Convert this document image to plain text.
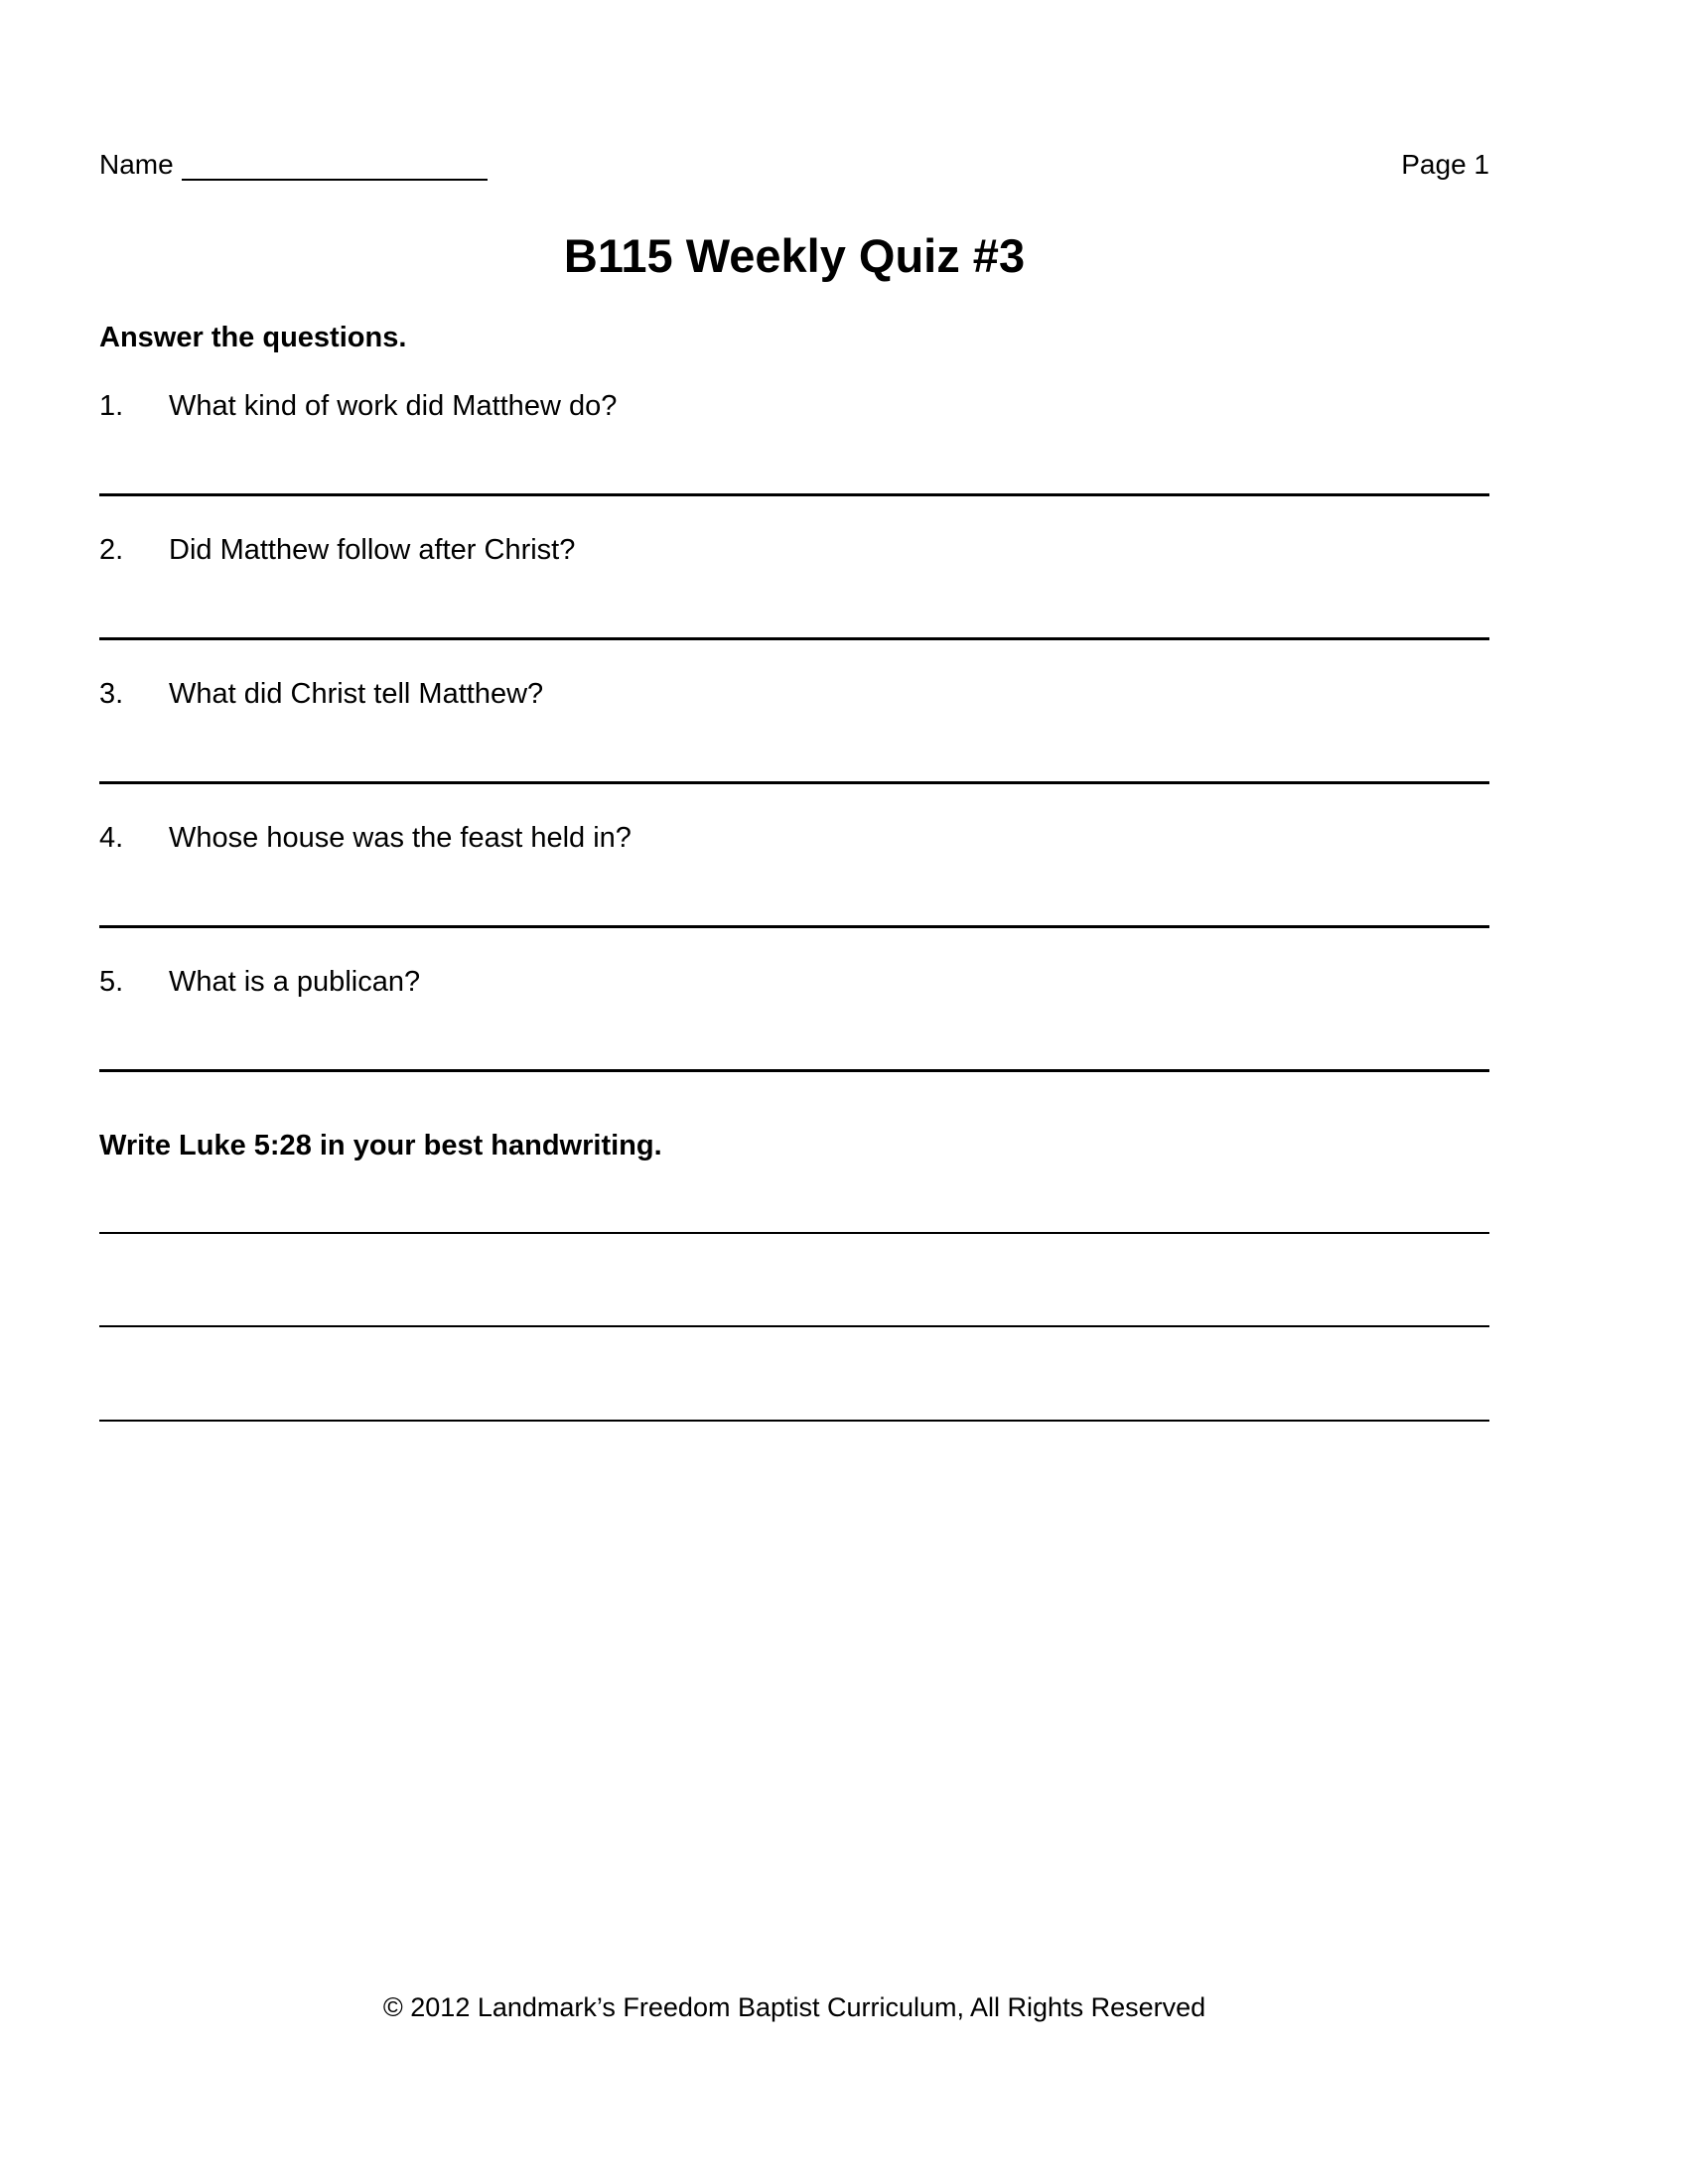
Name	Page 1
B115 Weekly Quiz #3
Answer the questions.
1. What kind of work did Matthew do?
2. Did Matthew follow after Christ?
3. What did Christ tell Matthew?
4. Whose house was the feast held in?
5. What is a publican?
Write Luke 5:28 in your best handwriting.
© 2012 Landmark’s Freedom Baptist Curriculum, All Rights Reserved
